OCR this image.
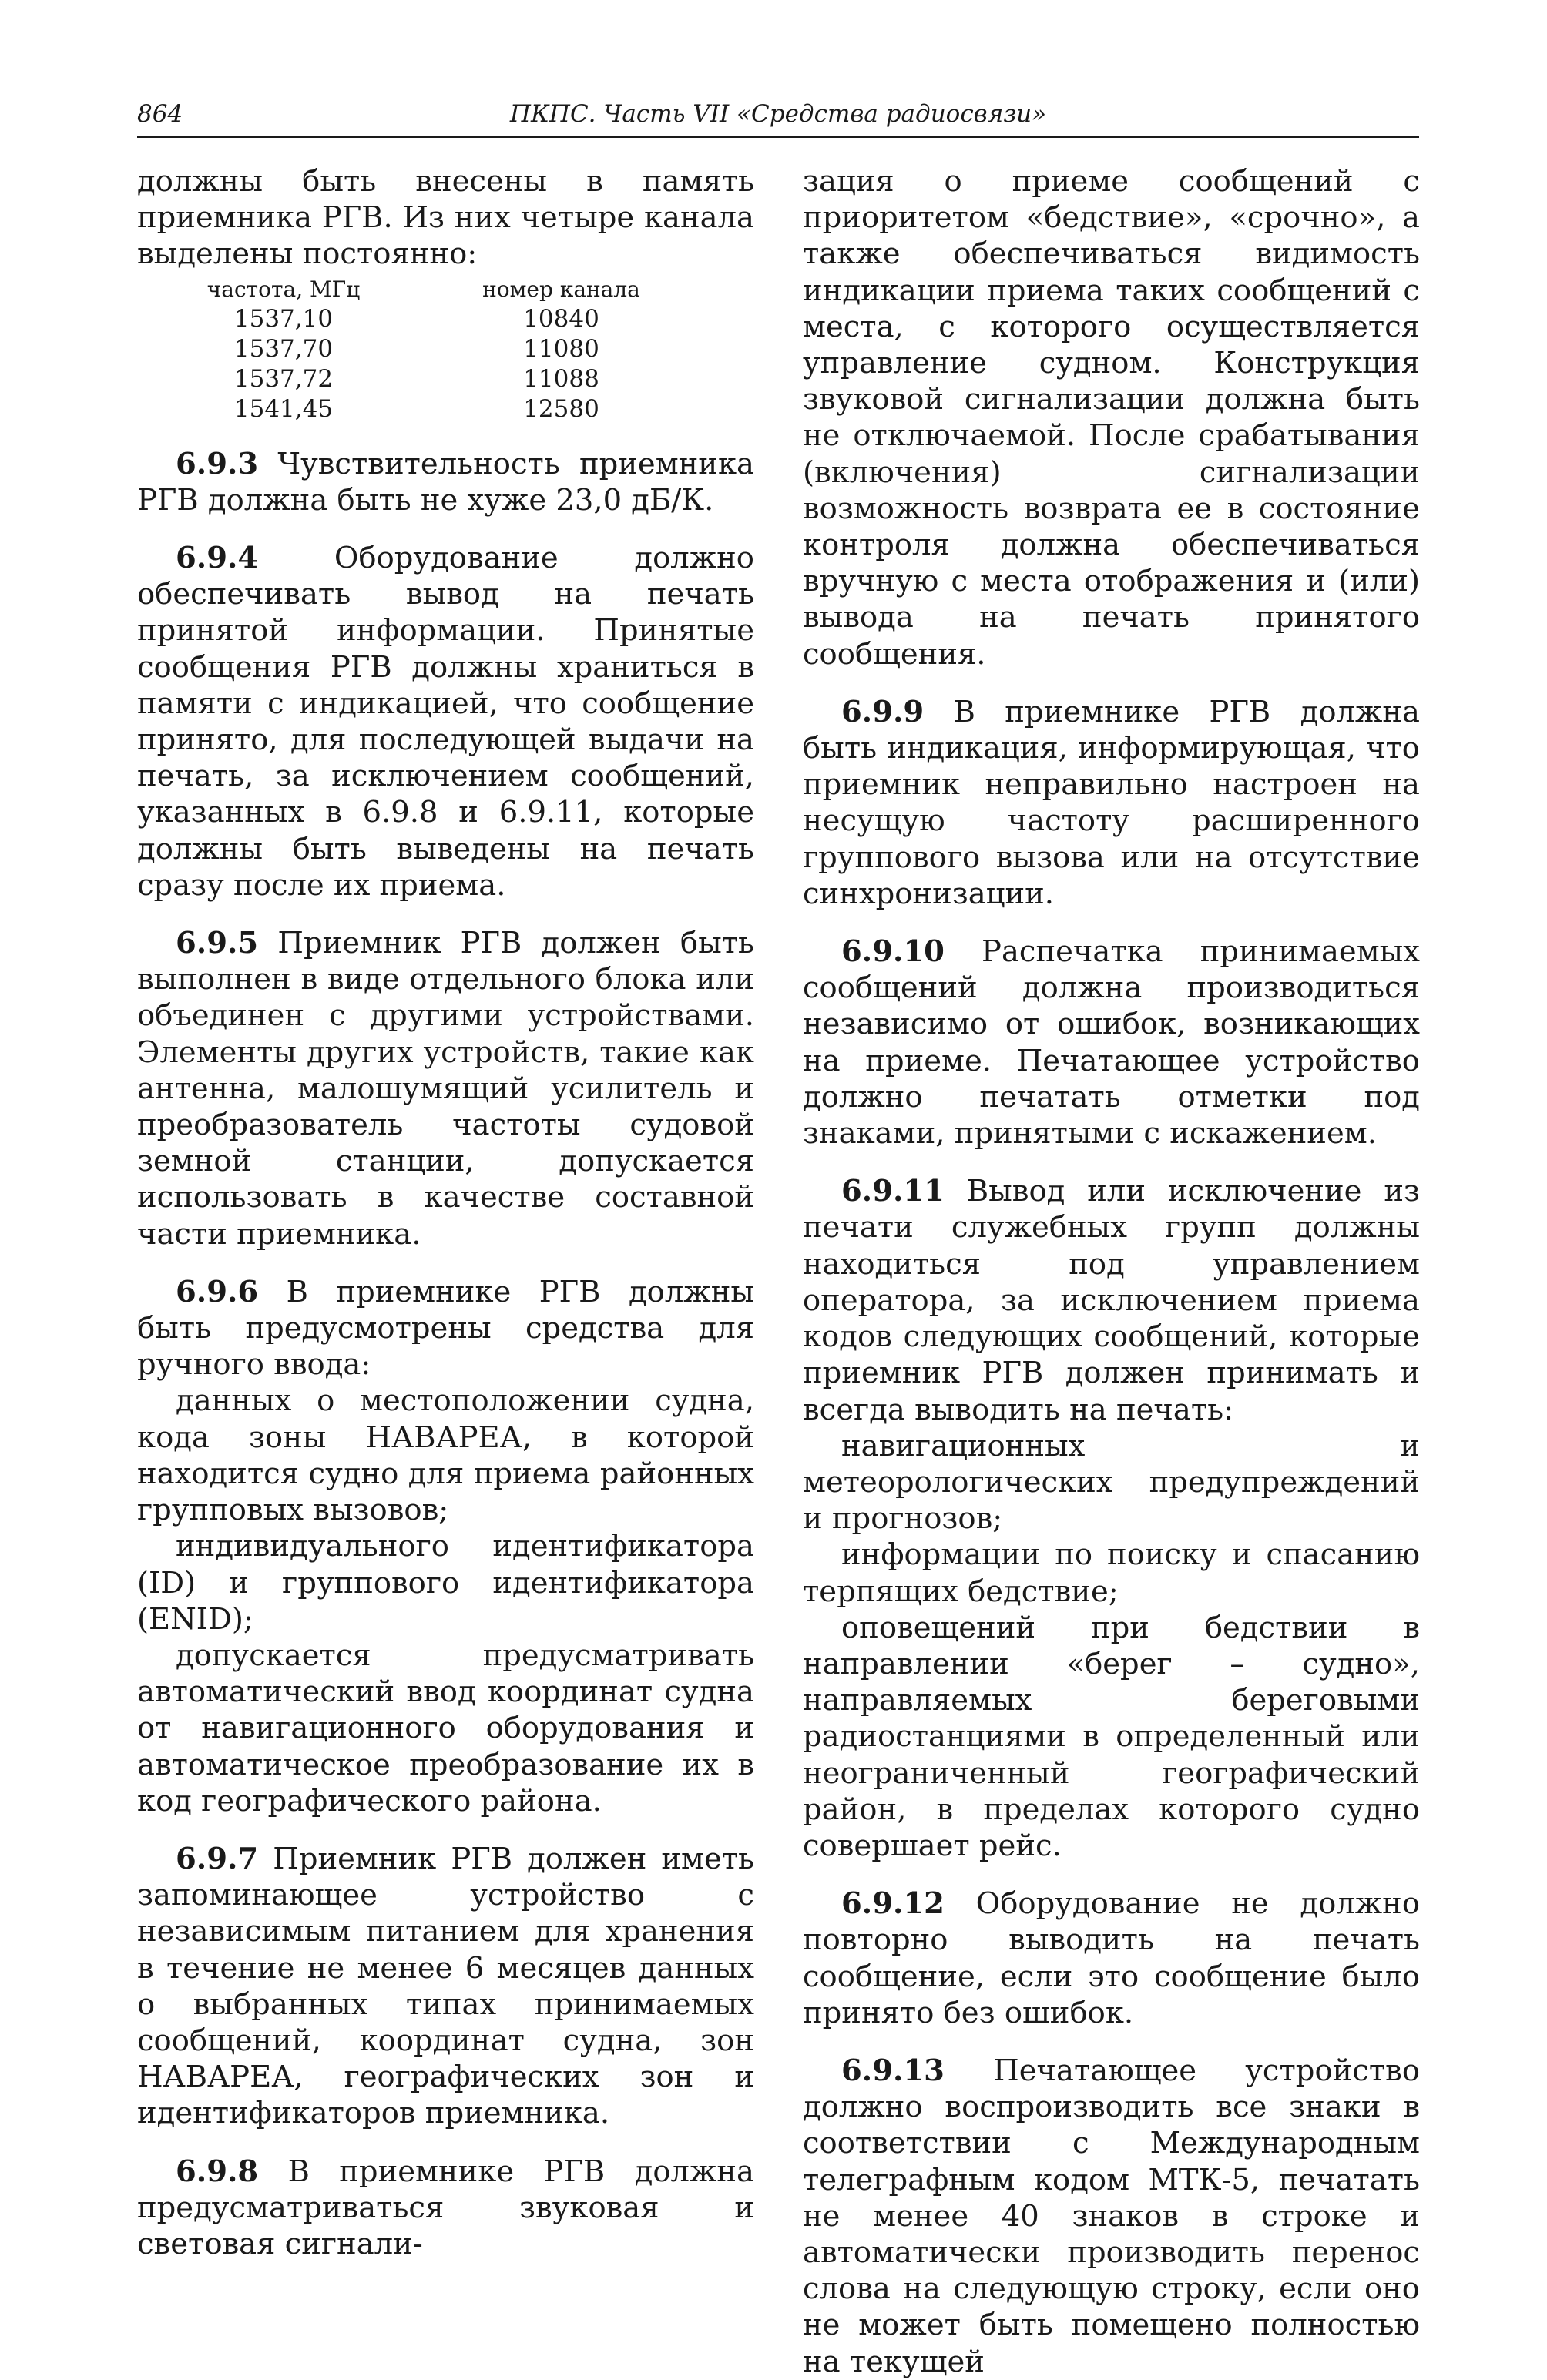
864	ПКПС. Часть VII «Средства радиосвязи»

должны быть внесены в память приемника РГВ. Из них четыре канала выделены постоянно:

частота, МГц	номер канала
1537,10	10840
1537,70	11080
1537,72	11088
1541,45	12580

6.9.3 Чувствительность приемника РГВ должна быть не хуже 23,0 дБ/К.

6.9.4 Оборудование должно обеспечивать вывод на печать принятой информации. Принятые сообщения РГВ должны храниться в памяти с индикацией, что сообщение принято, для последующей выдачи на печать, за исключением сообщений, указанных в 6.9.8 и 6.9.11, которые должны быть выведены на печать сразу после их приема.

6.9.5 Приемник РГВ должен быть выполнен в виде отдельного блока или объединен с другими устройствами. Элементы других устройств, такие как антенна, малошумящий усилитель и преобразователь частоты судовой земной станции, допускается использовать в качестве составной части приемника.

6.9.6 В приемнике РГВ должны быть предусмотрены средства для ручного ввода:

данных о местоположении судна, кода зоны НАВАРЕА, в которой находится судно для приема районных групповых вызовов;

индивидуального идентификатора (ID) и группового идентификатора (ENID);

допускается предусматривать автоматический ввод координат судна от навигационного оборудования и автоматическое преобразование их в код географического района.

6.9.7 Приемник РГВ должен иметь запоминающее устройство с независимым питанием для хранения в течение не менее 6 месяцев данных о выбранных типах принимаемых сообщений, координат судна, зон НАВАРЕА, географических зон и идентификаторов приемника.

6.9.8 В приемнике РГВ должна предусматриваться звуковая и световая сигнали-

зация о приеме сообщений с приоритетом «бедствие», «срочно», а также обеспечиваться видимость индикации приема таких сообщений с места, с которого осуществляется управление судном. Конструкция звуковой сигнализации должна быть не отключаемой. После срабатывания (включения) сигнализации возможность возврата ее в состояние контроля должна обеспечиваться вручную с места отображения и (или) вывода на печать принятого сообщения.

6.9.9 В приемнике РГВ должна быть индикация, информирующая, что приемник неправильно настроен на несущую частоту расширенного группового вызова или на отсутствие синхронизации.

6.9.10 Распечатка принимаемых сообщений должна производиться независимо от ошибок, возникающих на приеме. Печатающее устройство должно печатать отметки под знаками, принятыми с искажением.

6.9.11 Вывод или исключение из печати служебных групп должны находиться под управлением оператора, за исключением приема кодов следующих сообщений, которые приемник РГВ должен принимать и всегда выводить на печать:

навигационных и метеорологических предупреждений и прогнозов;

информации по поиску и спасанию терпящих бедствие;

оповещений при бедствии в направлении «берег – судно», направляемых береговыми радиостанциями в определенный или неограниченный географический район, в пределах которого судно совершает рейс.

6.9.12 Оборудование не должно повторно выводить на печать сообщение, если это сообщение было принято без ошибок.

6.9.13 Печатающее устройство должно воспроизводить все знаки в соответствии с Международным телеграфным кодом МТК-5, печатать не менее 40 знаков в строке и автоматически производить перенос слова на следующую строку, если оно не может быть помещено полностью на текущей
